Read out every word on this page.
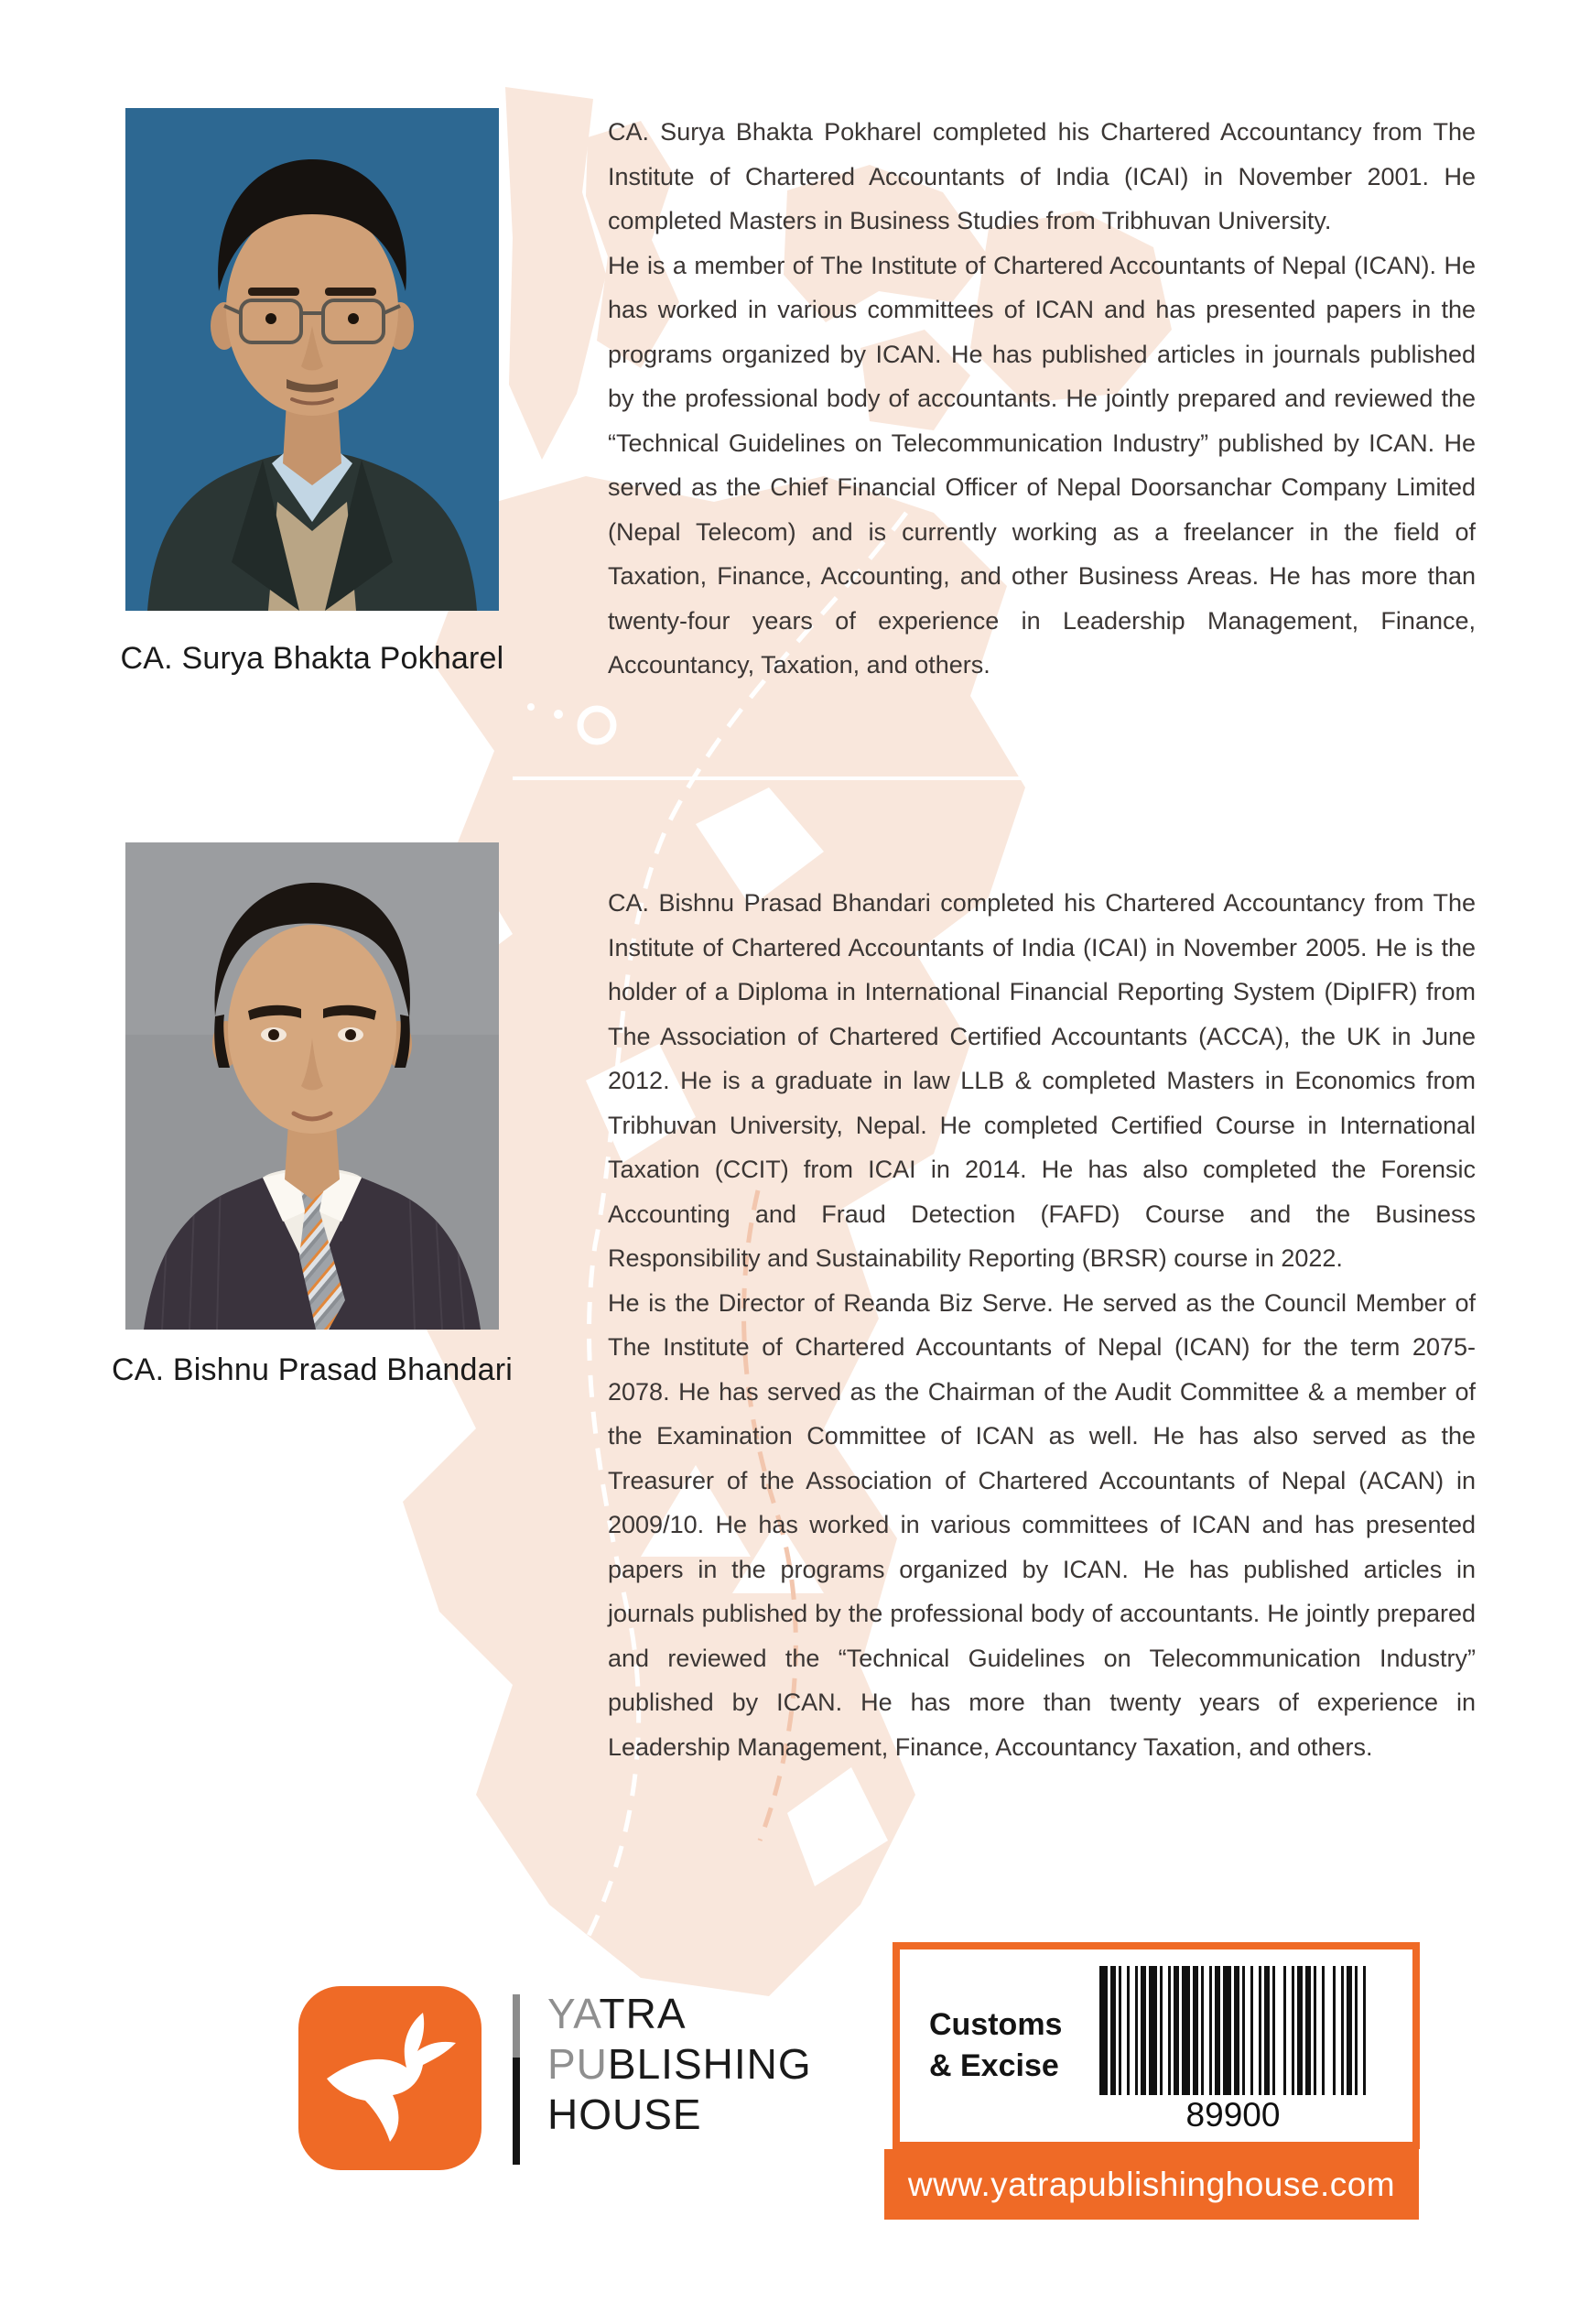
CA. Surya Bhakta Pokharel

CA. Surya Bhakta Pokharel completed his Chartered Accountancy from The Institute of Chartered Accountants of India (ICAI) in November 2001. He completed Masters in Business Studies from Tribhuvan University.

He is a member of The Institute of Chartered Accountants of Nepal (ICAN). He has worked in various committees of ICAN and has presented papers in the programs organized by ICAN. He has published articles in journals published by the professional body of accountants. He jointly prepared and reviewed the “Technical Guidelines on Telecommunication Industry” published by ICAN. He served as the Chief Financial Officer of Nepal Doorsanchar Company Limited (Nepal Telecom) and is currently working as a freelancer in the field of Taxation, Finance, Accounting, and other Business Areas. He has more than twenty-four years of experience in Leadership Management, Finance, Accountancy, Taxation, and others.

CA. Bishnu Prasad Bhandari

CA. Bishnu Prasad Bhandari completed his Chartered Accountancy from The Institute of Chartered Accountants of India (ICAI) in November 2005. He is the holder of a Diploma in International Financial Reporting System (DipIFR) from The Association of Chartered Certified Accountants (ACCA), the UK in June 2012. He is a graduate in law LLB & completed Masters in Economics from Tribhuvan University, Nepal. He completed Certified Course in International Taxation (CCIT) from ICAI in 2014. He has also completed the Forensic Accounting and Fraud Detection (FAFD) Course and the Business Responsibility and Sustainability Reporting (BRSR) course in 2022.

He is the Director of Reanda Biz Serve. He served as the Council Member of The Institute of Chartered Accountants of Nepal (ICAN) for the term 2075-2078. He has served as the Chairman of the Audit Committee & a member of the Examination Committee of ICAN as well. He has also served as the Treasurer of the Association of Chartered Accountants of Nepal (ACAN) in 2009/10. He has worked in various committees of ICAN and has presented papers in the programs organized by ICAN. He has published articles in journals published by the professional body of accountants. He jointly prepared and reviewed the “Technical Guidelines on Telecommunication Industry” published by ICAN. He has more than twenty years of experience in Leadership Management, Finance, Accountancy Taxation, and others.

YATRA
PUBLISHING
HOUSE
Customs
& Excise
89900
www.yatrapublishinghouse.com
